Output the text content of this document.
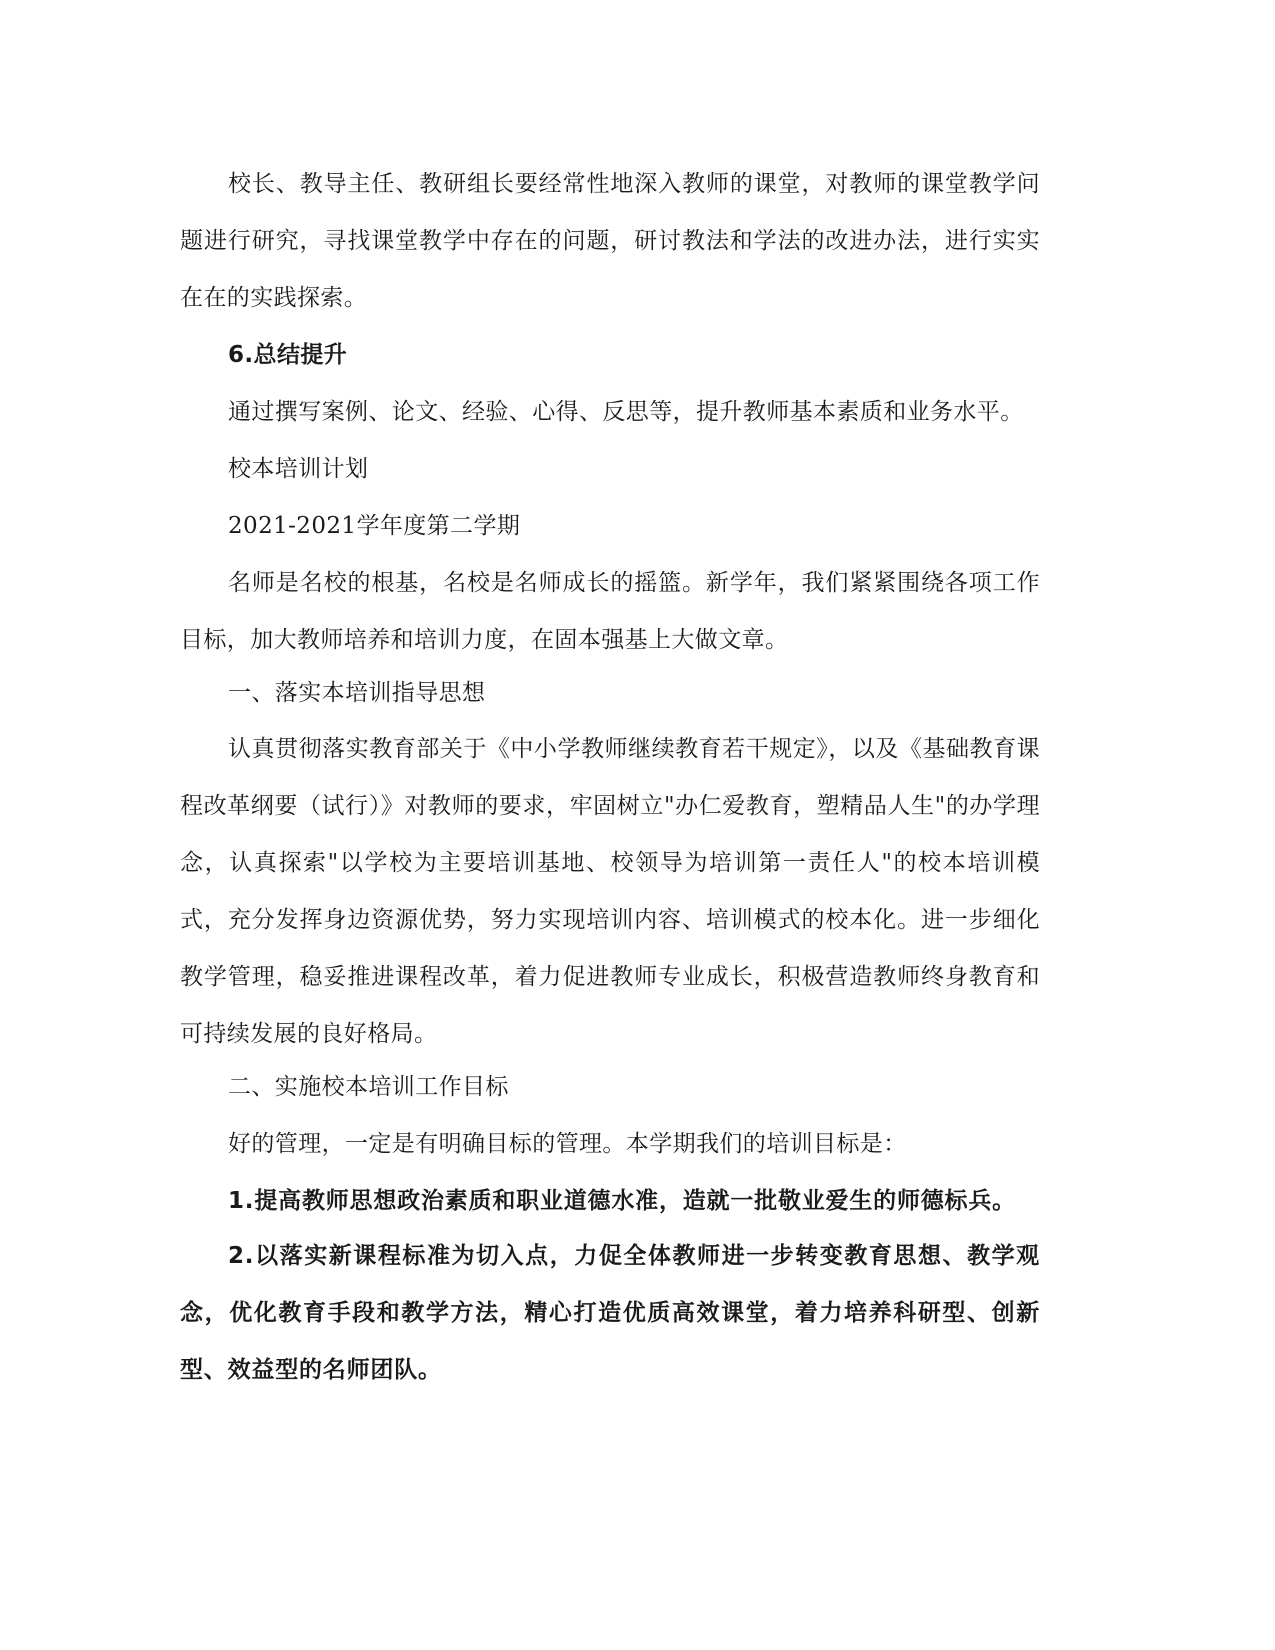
校长、教导主任、教研组长要经常性地深入教师的课堂，对教师的课堂教学问题进行研究，寻找课堂教学中存在的问题，研讨教法和学法的改进办法，进行实实在在的实践探索。

6.总结提升

通过撰写案例、论文、经验、心得、反思等，提升教师基本素质和业务水平。

校本培训计划

2021-2021学年度第二学期

名师是名校的根基，名校是名师成长的摇篮。新学年，我们紧紧围绕各项工作目标，加大教师培养和培训力度，在固本强基上大做文章。

一、落实本培训指导思想

认真贯彻落实教育部关于《中小学教师继续教育若干规定》，以及《基础教育课程改革纲要（试行）》对教师的要求，牢固树立"办仁爱教育，塑精品人生"的办学理念，认真探索"以学校为主要培训基地、校领导为培训第一责任人"的校本培训模式，充分发挥身边资源优势，努力实现培训内容、培训模式的校本化。进一步细化教学管理，稳妥推进课程改革，着力促进教师专业成长，积极营造教师终身教育和可持续发展的良好格局。

二、实施校本培训工作目标

好的管理，一定是有明确目标的管理。本学期我们的培训目标是：

1.提高教师思想政治素质和职业道德水准，造就一批敬业爱生的师德标兵。

2.以落实新课程标准为切入点，力促全体教师进一步转变教育思想、教学观念，优化教育手段和教学方法，精心打造优质高效课堂，着力培养科研型、创新型、效益型的名师团队。
